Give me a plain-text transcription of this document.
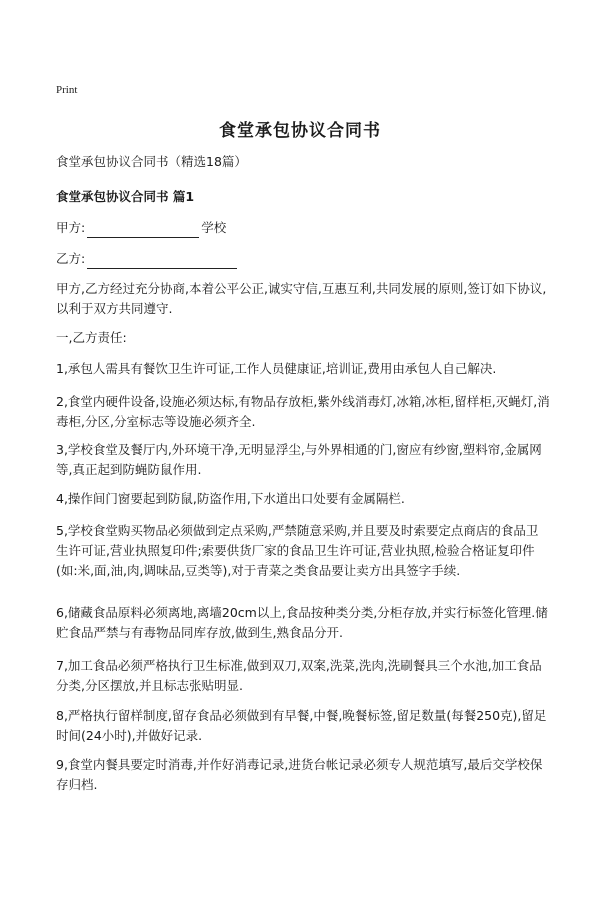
Print
食堂承包协议合同书
食堂承包协议合同书（精选18篇）
食堂承包协议合同书 篇1
甲方:	学校
乙方:
甲方,乙方经过充分协商,本着公平公正,诚实守信,互惠互利,共同发展的原则,签订如下协议,以利于双方共同遵守.
一,乙方责任:
1,承包人需具有餐饮卫生许可证,工作人员健康证,培训证,费用由承包人自己解决.
2,食堂内硬件设备,设施必须达标,有物品存放柜,紫外线消毒灯,冰箱,冰柜,留样柜,灭蝇灯,消毒柜,分区,分室标志等设施必须齐全.
3,学校食堂及餐厅内,外环境干净,无明显浮尘,与外界相通的门,窗应有纱窗,塑料帘,金属网等,真正起到防蝇防鼠作用.
4,操作间门窗要起到防鼠,防盗作用,下水道出口处要有金属隔栏.
5,学校食堂购买物品必须做到定点采购,严禁随意采购,并且要及时索要定点商店的食品卫生许可证,营业执照复印件;索要供货厂家的食品卫生许可证,营业执照,检验合格证复印件(如:米,面,油,肉,调味品,豆类等),对于青菜之类食品要让卖方出具签字手续.
6,储藏食品原料必须离地,离墙20cm以上,食品按种类分类,分柜存放,并实行标签化管理.储贮食品严禁与有毒物品同库存放,做到生,熟食品分开.
7,加工食品必须严格执行卫生标准,做到双刀,双案,洗菜,洗肉,洗刷餐具三个水池,加工食品分类,分区摆放,并且标志张贴明显.
8,严格执行留样制度,留存食品必须做到有早餐,中餐,晚餐标签,留足数量(每餐250克),留足时间(24小时),并做好记录.
9,食堂内餐具要定时消毒,并作好消毒记录,进货台帐记录必须专人规范填写,最后交学校保存归档.
